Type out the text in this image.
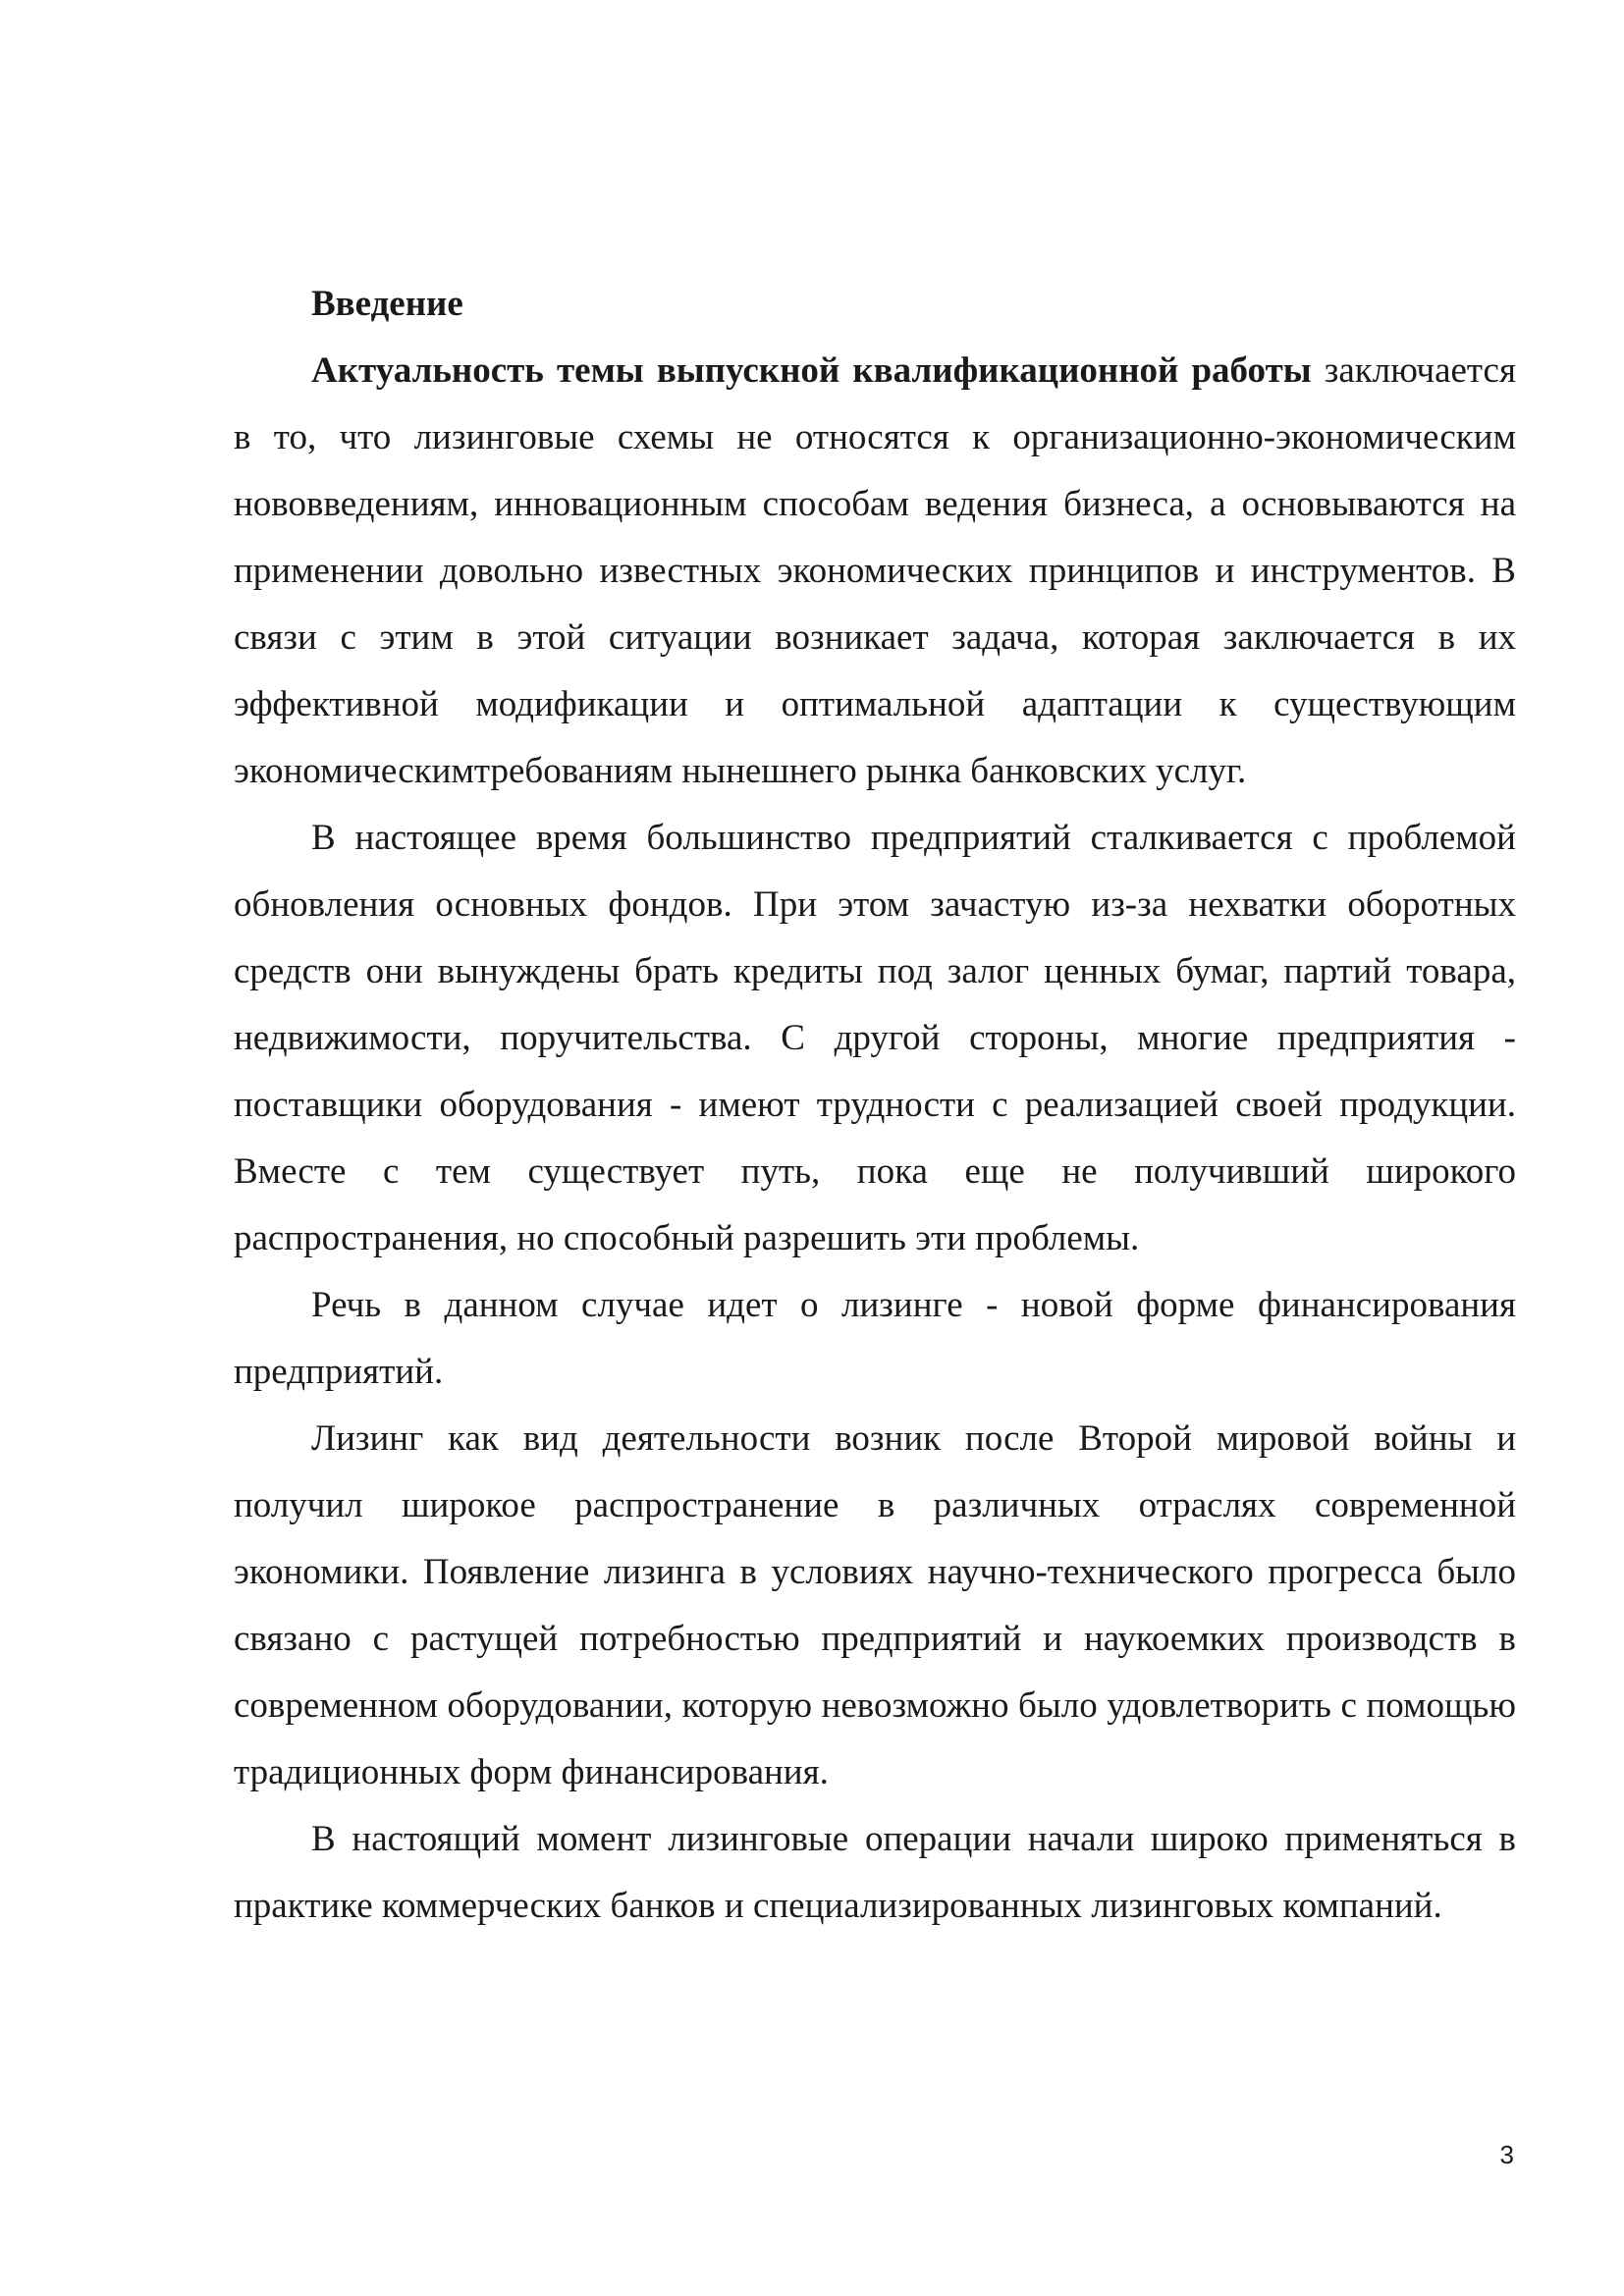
Введение

Актуальность темы выпускной квалификационной работы заключается в то, что лизинговые схемы не относятся к организационно-экономическим нововведениям, инновационным способам ведения бизнеса, а основываются на применении довольно известных экономических принципов и инструментов. В связи с этим в этой ситуации возникает задача, которая заключается в их эффективной модификации и оптимальной адаптации к существующим экономическимтребованиям нынешнего рынка банковских услуг.

В настоящее время большинство предприятий сталкивается с проблемой обновления основных фондов. При этом зачастую из-за нехватки оборотных средств они вынуждены брать кредиты под залог ценных бумаг, партий товара, недвижимости, поручительства. С другой стороны, многие предприятия - поставщики оборудования - имеют трудности с реализацией своей продукции. Вместе с тем существует путь, пока еще не получивший широкого распространения, но способный разрешить эти проблемы.

Речь в данном случае идет о лизинге - новой форме финансирования предприятий.

Лизинг как вид деятельности возник после Второй мировой войны и получил широкое распространение в различных отраслях современной экономики. Появление лизинга в условиях научно-технического прогресса было связано с растущей потребностью предприятий и наукоемких производств в современном оборудовании, которую невозможно было удовлетворить с помощью традиционных форм финансирования.

В настоящий момент лизинговые операции начали широко применяться в практике коммерческих банков и специализированных лизинговых компаний.

3
